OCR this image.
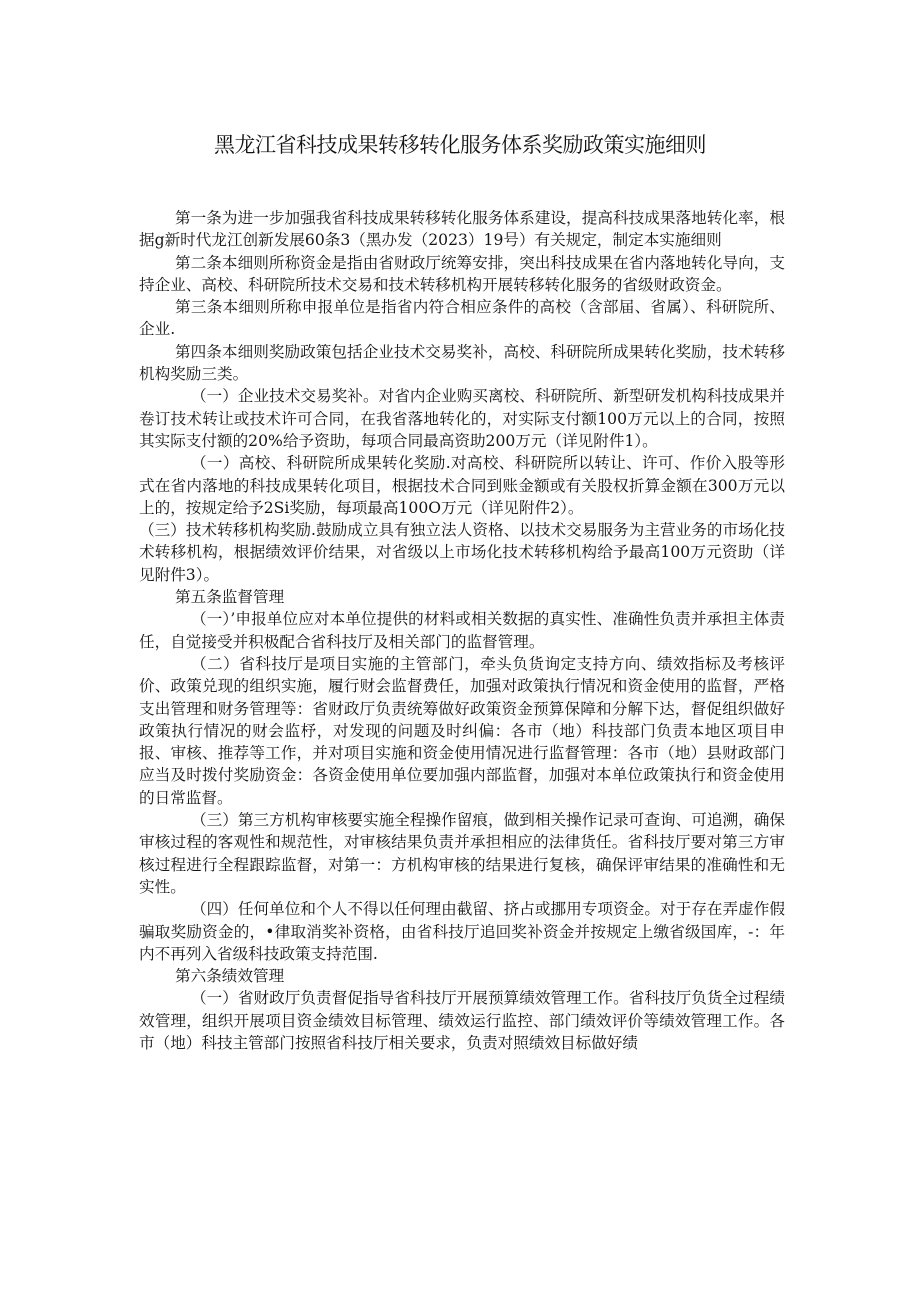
黑龙江省科技成果转移转化服务体系奖励政策实施细则

第一条为进一步加强我省科技成果转移转化服务体系建设，提高科技成果落地转化率，根据g新时代龙江创新发展60条3（黑办发（2023）19号）有关规定，制定本实施细则

第二条本细则所称资金是指由省财政厅统筹安排，突出科技成果在省内落地转化导向，支持企业、高校、科研院所技术交易和技术转移机构开展转移转化服务的省级财政资金。

第三条本细则所称申报单位是指省内符合相应条件的高校（含部届、省属）、科研院所、企业.

第四条本细则奖励政策包括企业技术交易奖补，高校、科研院所成果转化奖励，技术转移机构奖励三类。

（一）企业技术交易奖补。对省内企业购买离校、科研院所、新型研发机构科技成果并卷订技术转让或技术许可合同，在我省落地转化的，对实际支付额100万元以上的合同，按照其实际支付额的20%给予资助，每项合同最高资助200万元（详见附件1）。

（一）高校、科研院所成果转化奖励.对高校、科研院所以转让、许可、作价入股等形式在省内落地的科技成果转化项目，根据技术合同到账金额或有关股权折算金额在300万元以上的，按规定给予2Si奖励，每项最高100O万元（详见附件2）。

（三）技术转移机构奖励.鼓励成立具有独立法人资格、以技术交易服务为主营业务的市场化技术转移机构，根据绩效评价结果，对省级以上市场化技术转移机构给予最高100万元资助（详见附件3）。

第五条监督管理

（一）’申报单位应对本单位提供的材料或相关数据的真实性、准确性负责并承担主体责任，自觉接受并积极配合省科技厅及相关部门的监督管理。

（二）省科技厅是项目实施的主管部门，牵头负货询定支持方向、绩效指标及考核评价、政策兑现的组织实施，履行财会监督费任，加强对政策执行情况和资金使用的监督，严格支出管理和财务管理等：省财政厅负责统筹做好政策资金预算保障和分解下达，督促组织做好政策执行情况的财会监杼，对发现的问题及时纠偏：各市（地）科技部门负责本地区项目申报、审核、推荐等工作，并对项目实施和资金使用情况进行监督管理：各市（地）县财政部门应当及时拨付奖励资金：各资金使用单位要加强内部监督，加强对本单位政策执行和资金使用的日常监督。

（三）第三方机构审核要实施全程操作留痕，做到相关操作记录可查询、可追溯，确保审核过程的客观性和规范性，对审核结果负责并承担相应的法律货任。省科技厅要对第三方审核过程进行全程跟踪监督，对第一：方机构审核的结果进行复核，确保评审结果的准确性和无实性。

（四）任何单位和个人不得以任何理由截留、挤占或挪用专项资金。对于存在弄虚作假骗取奖励资金的，•律取消奖补资格，由省科技厅追回奖补资金并按规定上缴省级国库，-：年内不再列入省级科技政策支持范围.

第六条绩效管理

（一）省财政厅负责督促指导省科技厅开展预算绩效管理工作。省科技厅负货全过程绩效管理，组织开展项目资金绩效目标管理、绩效运行监控、部门绩效评价等绩效管理工作。各市（地）科技主管部门按照省科技厅相关要求，负责对照绩效目标做好绩
